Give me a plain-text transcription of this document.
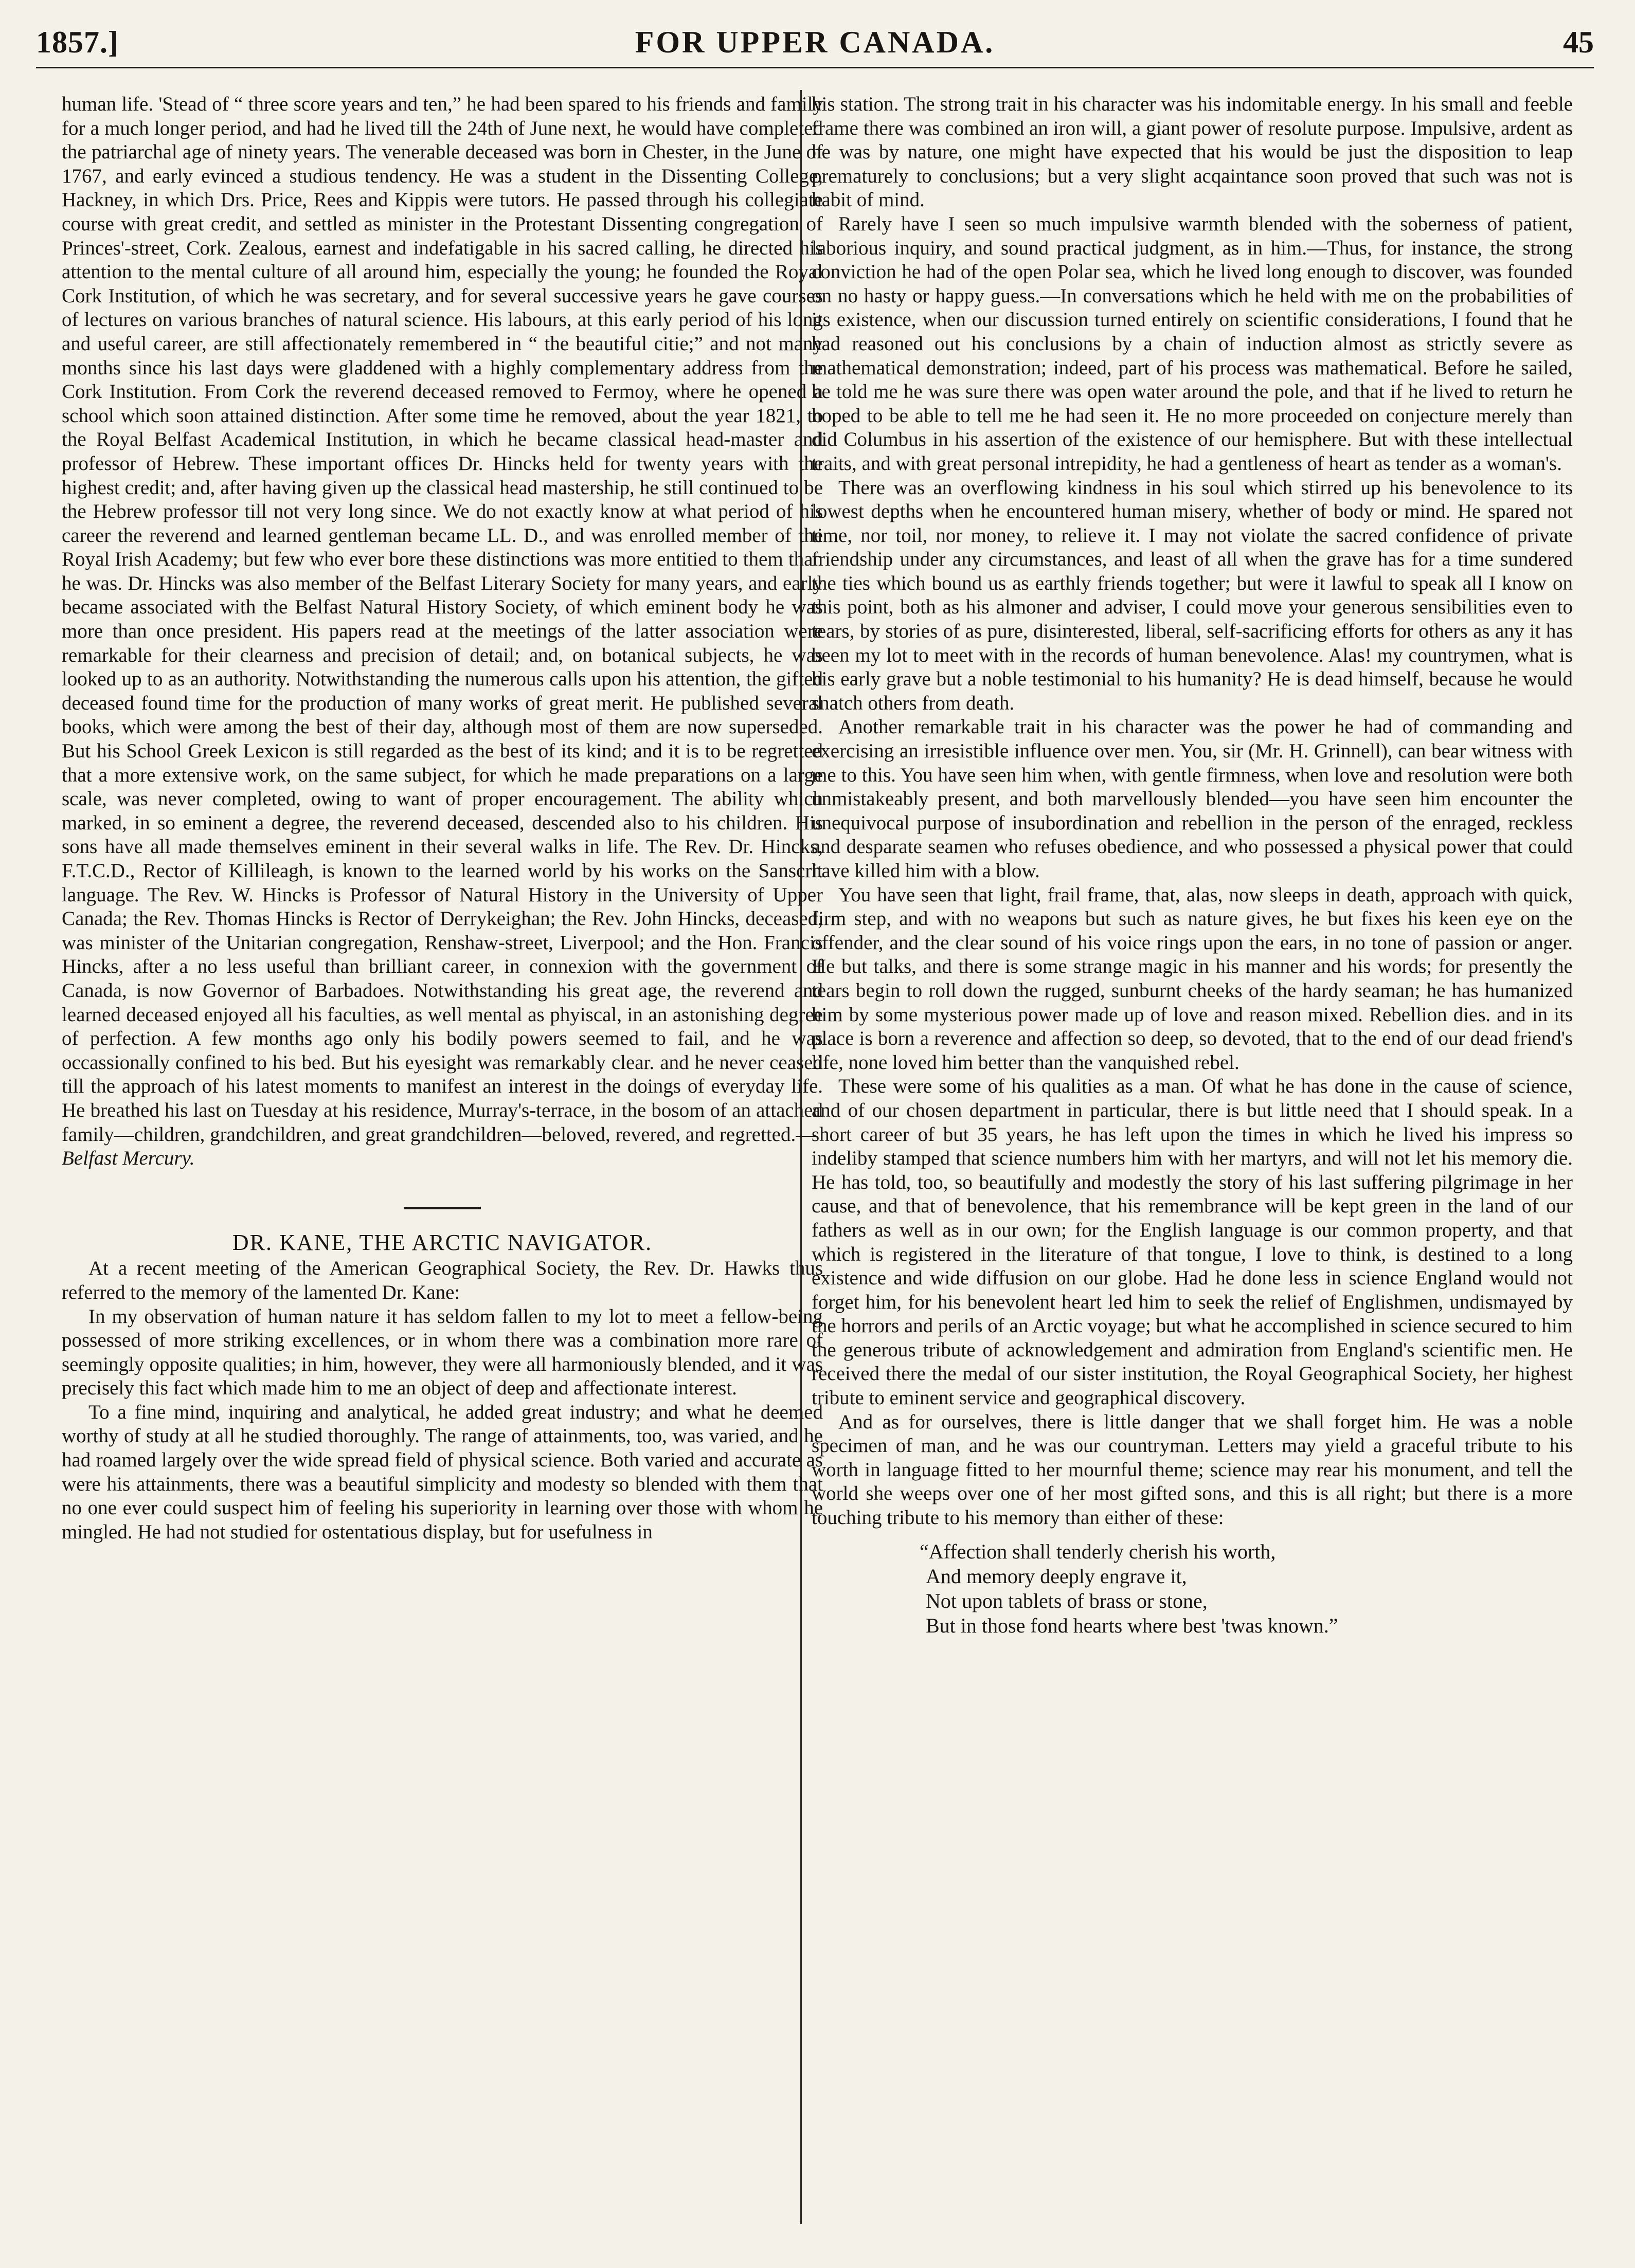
1857.]	FOR UPPER CANADA.	45

human life. 'Stead of “ three score years and ten,” he had been spared to his friends and family for a much longer period, and had he lived till the 24th of June next, he would have completed the patriarchal age of ninety years. The venerable deceased was born in Chester, in the June of 1767, and early evinced a studious tendency. He was a student in the Dissenting College, Hackney, in which Drs. Price, Rees and Kippis were tutors. He passed through his collegiate course with great credit, and settled as minister in the Protestant Dissenting congregation of Princes'-street, Cork. Zealous, earnest and indefatigable in his sacred calling, he directed his attention to the mental culture of all around him, especially the young; he founded the Royal Cork Institution, of which he was secretary, and for several successive years he gave courses of lectures on various branches of natural science. His labours, at this early period of his long and useful career, are still affectionately remembered in “ the beautiful citie;” and not many months since his last days were gladdened with a highly complementary address from the Cork Institution. From Cork the reverend deceased removed to Fermoy, where he opened a school which soon attained distinction. After some time he removed, about the year 1821, to the Royal Belfast Academical Institution, in which he became classical head-master and professor of Hebrew. These important offices Dr. Hincks held for twenty years with the highest credit; and, after having given up the classical head mastership, he still continued to be the Hebrew professor till not very long since. We do not exactly know at what period of his career the reverend and learned gentleman became LL. D., and was enrolled member of the Royal Irish Academy; but few who ever bore these distinctions was more entitied to them than he was. Dr. Hincks was also member of the Belfast Literary Society for many years, and early became associated with the Belfast Natural History Society, of which eminent body he was more than once president. His papers read at the meetings of the latter association were remarkable for their clearness and precision of detail; and, on botanical subjects, he was looked up to as an authority. Notwithstanding the numerous calls upon his attention, the gifted deceased found time for the production of many works of great merit. He published several books, which were among the best of their day, although most of them are now superseded. But his School Greek Lexicon is still regarded as the best of its kind; and it is to be regretted that a more extensive work, on the same subject, for which he made preparations on a large scale, was never completed, owing to want of proper encouragement. The ability which marked, in so eminent a degree, the reverend deceased, descended also to his children. His sons have all made themselves eminent in their several walks in life. The Rev. Dr. Hincks, F.T.C.D., Rector of Killileagh, is known to the learned world by his works on the Sanscrit language. The Rev. W. Hincks is Professor of Natural History in the University of Upper Canada; the Rev. Thomas Hincks is Rector of Derrykeighan; the Rev. John Hincks, deceased, was minister of the Unitarian congregation, Renshaw-street, Liverpool; and the Hon. Francis Hincks, after a no less useful than brilliant career, in connexion with the government of Canada, is now Governor of Barbadoes. Notwithstanding his great age, the reverend and learned deceased enjoyed all his faculties, as well mental as phyiscal, in an astonishing degree of perfection. A few months ago only his bodily powers seemed to fail, and he was occassionally confined to his bed. But his eyesight was remarkably clear. and he never ceased till the approach of his latest moments to manifest an interest in the doings of everyday life. He breathed his last on Tuesday at his residence, Murray's-terrace, in the bosom of an attached family—children, grandchildren, and great grandchildren—beloved, revered, and regretted.—

Belfast Mercury.

DR. KANE, THE ARCTIC NAVIGATOR.

At a recent meeting of the American Geographical Society, the Rev. Dr. Hawks thus referred to the memory of the lamented Dr. Kane:

In my observation of human nature it has seldom fallen to my lot to meet a fellow-being possessed of more striking excellences, or in whom there was a combination more rare of seemingly opposite qualities; in him, however, they were all harmoniously blended, and it was precisely this fact which made him to me an object of deep and affectionate interest.

To a fine mind, inquiring and analytical, he added great industry; and what he deemed worthy of study at all he studied thoroughly. The range of attainments, too, was varied, and he had roamed largely over the wide spread field of physical science. Both varied and accurate as were his attainments, there was a beautiful simplicity and modesty so blended with them that no one ever could suspect him of feeling his superiority in learning over those with whom he mingled. He had not studied for ostentatious display, but for usefulness in

his station. The strong trait in his character was his indomitable energy. In his small and feeble frame there was combined an iron will, a giant power of resolute purpose. Impulsive, ardent as he was by nature, one might have expected that his would be just the disposition to leap prematurely to conclusions; but a very slight acqaintance soon proved that such was not is habit of mind.

Rarely have I seen so much impulsive warmth blended with the soberness of patient, laborious inquiry, and sound practical judgment, as in him.—Thus, for instance, the strong conviction he had of the open Polar sea, which he lived long enough to discover, was founded on no hasty or happy guess.—In conversations which he held with me on the probabilities of its existence, when our discussion turned entirely on scientific considerations, I found that he had reasoned out his conclusions by a chain of induction almost as strictly severe as mathematical demonstration; indeed, part of his process was mathematical. Before he sailed, he told me he was sure there was open water around the pole, and that if he lived to return he hoped to be able to tell me he had seen it. He no more proceeded on conjecture merely than did Columbus in his assertion of the existence of our hemisphere. But with these intellectual traits, and with great personal intrepidity, he had a gentleness of heart as tender as a woman's.

There was an overflowing kindness in his soul which stirred up his benevolence to its lowest depths when he encountered human misery, whether of body or mind. He spared not time, nor toil, nor money, to relieve it. I may not violate the sacred confidence of private friendship under any circumstances, and least of all when the grave has for a time sundered the ties which bound us as earthly friends together; but were it lawful to speak all I know on this point, both as his almoner and adviser, I could move your generous sensibilities even to tears, by stories of as pure, disinterested, liberal, self-sacrificing efforts for others as any it has been my lot to meet with in the records of human benevolence. Alas! my countrymen, what is his early grave but a noble testimonial to his humanity? He is dead himself, because he would snatch others from death.

Another remarkable trait in his character was the power he had of commanding and exercising an irresistible influence over men. You, sir (Mr. H. Grinnell), can bear witness with me to this. You have seen him when, with gentle firmness, when love and resolution were both unmistakeably present, and both marvellously blended—you have seen him encounter the unequivocal purpose of insubordination and rebellion in the person of the enraged, reckless and desparate seamen who refuses obedience, and who possessed a physical power that could have killed him with a blow.

You have seen that light, frail frame, that, alas, now sleeps in death, approach with quick, firm step, and with no weapons but such as nature gives, he but fixes his keen eye on the offender, and the clear sound of his voice rings upon the ears, in no tone of passion or anger. He but talks, and there is some strange magic in his manner and his words; for presently the tears begin to roll down the rugged, sunburnt cheeks of the hardy seaman; he has humanized him by some mysterious power made up of love and reason mixed. Rebellion dies. and in its place is born a reverence and affection so deep, so devoted, that to the end of our dead friend's life, none loved him better than the vanquished rebel.

These were some of his qualities as a man. Of what he has done in the cause of science, and of our chosen department in particular, there is but little need that I should speak. In a short career of but 35 years, he has left upon the times in which he lived his impress so indeliby stamped that science numbers him with her martyrs, and will not let his memory die. He has told, too, so beautifully and modestly the story of his last suffering pilgrimage in her cause, and that of benevolence, that his remembrance will be kept green in the land of our fathers as well as in our own; for the English language is our common property, and that which is registered in the literature of that tongue, I love to think, is destined to a long existence and wide diffusion on our globe. Had he done less in science England would not forget him, for his benevolent heart led him to seek the relief of Englishmen, undismayed by the horrors and perils of an Arctic voyage; but what he accomplished in science secured to him the generous tribute of acknowledgement and admiration from England's scientific men. He received there the medal of our sister institution, the Royal Geographical Society, her highest tribute to eminent service and geographical discovery.

And as for ourselves, there is little danger that we shall forget him. He was a noble specimen of man, and he was our countryman. Letters may yield a graceful tribute to his worth in language fitted to her mournful theme; science may rear his monument, and tell the world she weeps over one of her most gifted sons, and this is all right; but there is a more touching tribute to his memory than either of these:

“Affection shall tenderly cherish his worth,
And memory deeply engrave it,
Not upon tablets of brass or stone,
But in those fond hearts where best 'twas known.”
